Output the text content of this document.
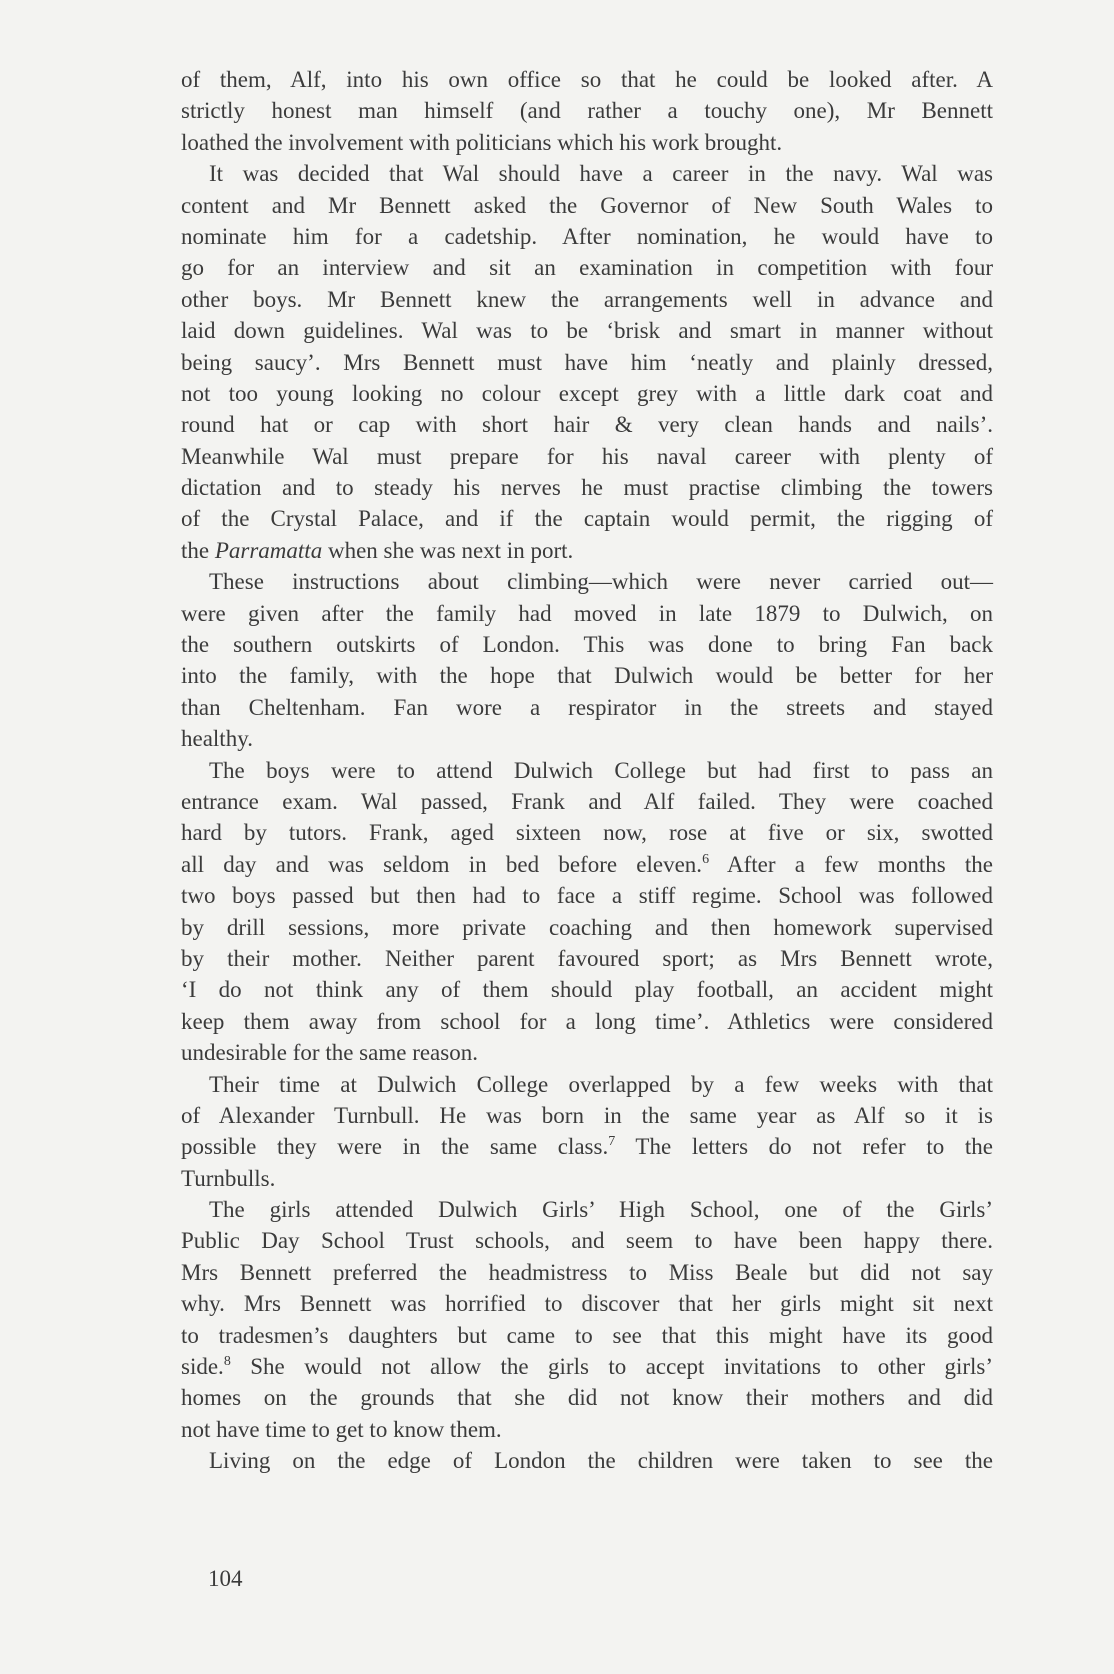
of them, Alf, into his own office so that he could be looked after. A
strictly honest man himself (and rather a touchy one), Mr Bennett
loathed the involvement with politicians which his work brought.
It was decided that Wal should have a career in the navy. Wal was
content and Mr Bennett asked the Governor of New South Wales to
nominate him for a cadetship. After nomination, he would have to
go for an interview and sit an examination in competition with four
other boys. Mr Bennett knew the arrangements well in advance and
laid down guidelines. Wal was to be ‘brisk and smart in manner without
being saucy’. Mrs Bennett must have him ‘neatly and plainly dressed,
not too young looking no colour except grey with a little dark coat and
round hat or cap with short hair & very clean hands and nails’.
Meanwhile Wal must prepare for his naval career with plenty of
dictation and to steady his nerves he must practise climbing the towers
of the Crystal Palace, and if the captain would permit, the rigging of
the Parramatta when she was next in port.
These instructions about climbing—which were never carried out—
were given after the family had moved in late 1879 to Dulwich, on
the southern outskirts of London. This was done to bring Fan back
into the family, with the hope that Dulwich would be better for her
than Cheltenham. Fan wore a respirator in the streets and stayed
healthy.
The boys were to attend Dulwich College but had first to pass an
entrance exam. Wal passed, Frank and Alf failed. They were coached
hard by tutors. Frank, aged sixteen now, rose at five or six, swotted
all day and was seldom in bed before eleven.$^6$ After a few months the
two boys passed but then had to face a stiff regime. School was followed
by drill sessions, more private coaching and then homework supervised
by their mother. Neither parent favoured sport; as Mrs Bennett wrote,
‘I do not think any of them should play football, an accident might
keep them away from school for a long time’. Athletics were considered
undesirable for the same reason.
Their time at Dulwich College overlapped by a few weeks with that
of Alexander Turnbull. He was born in the same year as Alf so it is
possible they were in the same class.$^7$ The letters do not refer to the
Turnbulls.
The girls attended Dulwich Girls’ High School, one of the Girls’
Public Day School Trust schools, and seem to have been happy there.
Mrs Bennett preferred the headmistress to Miss Beale but did not say
why. Mrs Bennett was horrified to discover that her girls might sit next
to tradesmen’s daughters but came to see that this might have its good
side.$^8$ She would not allow the girls to accept invitations to other girls’
homes on the grounds that she did not know their mothers and did
not have time to get to know them.
Living on the edge of London the children were taken to see the
104
